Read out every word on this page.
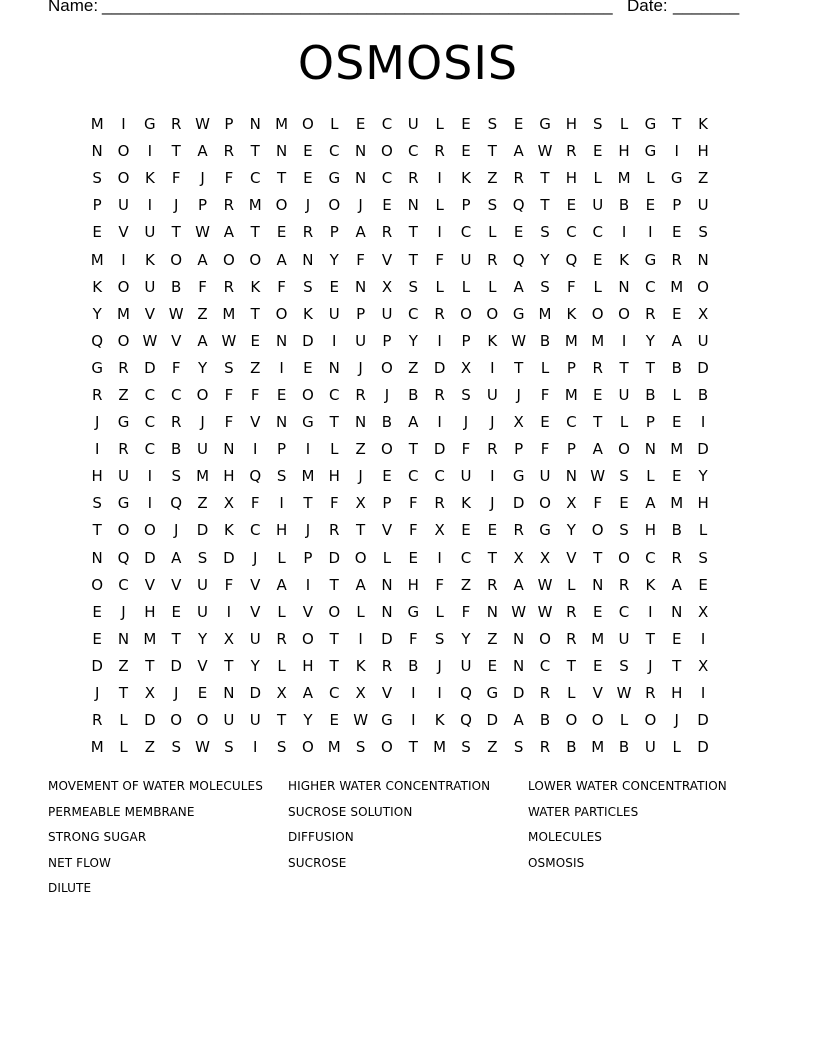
Name: ______________________________________________________ Date: _______
OSMOSIS
M	I	G	R W P	N M O	L	E	C	U	L	E	S	E	G H	S	L	G	T	K
N O	I	T	A	R	T	N	E	C	N O	C	R	E	T	A W R	E	H G	I	H
S	O	K	F	J	F	C	T	E	G N	C	R	I	K	Z	R	T	H	L	M	L	G	Z
P	U	I	J	P	R M O	J	O	J	E	N	L	P	S	Q	T	E	U	B	E	P	U
E	V	U	T W A	T	E	R	P	A	R	T	I	C	L	E	S	C	C	I	I	E	S
M	I	K	O	A	O O	A	N	Y	F	V	T	F	U	R	Q	Y	Q	E	K	G	R	N
K	O U	B	F	R	K	F	S	E	N	X	S	L	L	L	A	S	F	L	N	C M O
Y	M V W Z M	T	O	K	U	P	U	C	R	O O G M K	O O	R	E	X
Q O W V	A W E	N D	I	U	P	Y	I	P	K W B M M	I	Y	A	U
G	R	D	F	Y	S	Z	I	E	N	J	O	Z	D	X	I	T	L	P	R	T	T	B	D
R	Z	C	C	O	F	F	E	O	C	R	J	B	R	S	U	J	F	M	E	U	B	L	B
J	G	C	R	J	F	V	N G	T	N	B	A	I	J	J	X	E	C	T	L	P	E	I
I	R	C	B	U	N	I	P	I	L	Z	O	T	D	F	R	P	F	P	A	O N M D
H	U	I	S	M H Q	S	M H	J	E	C	C	U	I	G	U	N W S	L	E	Y
S	G	I	Q	Z	X	F	I	T	F	X	P	F	R	K	J	D O	X	F	E	A M H
T	O O	J	D	K	C	H	J	R	T	V	F	X	E	E	R	G	Y	O	S	H	B	L
N Q D	A	S	D	J	L	P	D O	L	E	I	C	T	X	X	V	T	O	C	R	S
O	C	V	V	U	F	V	A	I	T	A	N	H	F	Z	R	A W L	N	R	K	A	E
E	J	H	E	U	I	V	L	V	O	L	N G	L	F	N W W R	E	C	I	N	X
E	N M	T	Y	X	U	R	O	T	I	D	F	S	Y	Z	N O	R M U	T	E	I
D	Z	T	D	V	T	Y	L	H	T	K	R	B	J	U	E	N	C	T	E	S	J	T	X
J	T	X	J	E	N D	X	A	C	X	V	I	I	Q G D	R	L	V W R	H	I
R	L	D O O U	U	T	Y	E W G	I	K	Q D	A	B	O O	L	O	J	D
M	L	Z	S W S	I	S	O M	S	O	T	M	S	Z	S	R	B M B	U	L	D
MOVEMENT OF WATER MOLECULES HIGHER WATER CONCENTRATION	LOWER WATER CONCENTRATION
PERMEABLE MEMBRANE	SUCROSE SOLUTION	WATER PARTICLES
STRONG SUGAR	DIFFUSION	MOLECULES
NET FLOW	SUCROSE	OSMOSIS
DILUTE
